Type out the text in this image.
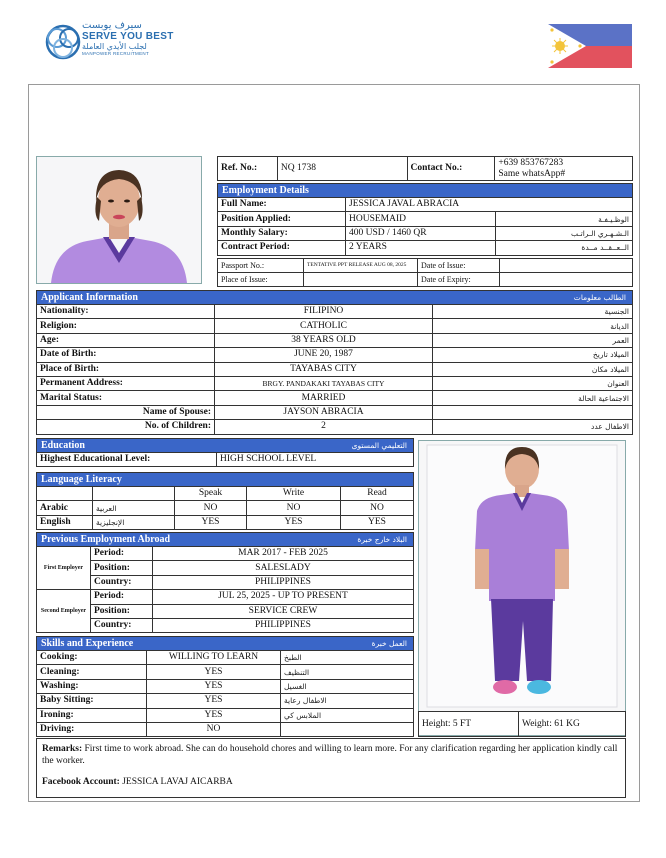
سيرف يوبست
SERVE YOU BEST
لجلب الأيدي العاملة
MANPOWER RECRUITMENT
Ref. No.:	NQ 1738	Contact No.:	+639 853767283
Same whatsApp#
Employment Details		

Full Name:	JESSICA JAVAL ABRACIA	
Position Applied:	HOUSEMAID	الوظـيـفـة
Monthly Salary:	400 USD / 1460 QR	الـشـهـري الـراتـب
Contract Period:	2 YEARS	الــعــقــد مــدة
Passport No.:	TENTATIVE PPT RELEASE AUG 08, 2025	Date of Issue:	
Place of Issue:		Date of Expiry:	
Applicant Information الطالب معلومات		

Nationality:	FILIPINO	الجنسية
Religion:	CATHOLIC	الديانة
Age:	38 YEARS OLD	العمر
Date of Birth:	JUNE 20, 1987	الميلاد تاريخ
Place of Birth:	TAYABAS CITY	الميلاد مكان
Permanent Address:	BRGY. PANDAKAKI TAYABAS CITY	العنوان
Marital Status:	MARRIED	الاجتماعية الحالة
Name of Spouse:	JAYSON ABRACIA	
No. of Children:	2	الاطفال عدد
Education	التعليمي المستوى

Highest Educational Level:	HIGH SCHOOL LEVEL
Language Literacy				

		Speak	Write	Read
Arabic	العربية	NO	NO	NO
English	الإنجليزية	YES	YES	YES
Previous Employment Abroad البلاد خارج خبرة		

First Employer	Period:	MAR 2017 - FEB 2025
	Position:	SALESLADY
	Country:	PHILIPPINES
Second Employer	Period:	JUL 25, 2025 - UP TO PRESENT
	Position:	SERVICE CREW
	Country:	PHILIPPINES
Skills and Experience العمل خبرة		

Cooking:	WILLING TO LEARN	الطبخ
Cleaning:	YES	التنظيف
Washing:	YES	الغسيل
Baby Sitting:	YES	الاطفال رعاية
Ironing:	YES	الملابس كي
Driving:	NO	
Height: 5 FT	Weight: 61 KG
Remarks: First time to work abroad. She can do household chores and willing to learn more. For any clarification regarding her application kindly call the worker.
Facebook Account: JESSICA LAVAJ AICARBA
